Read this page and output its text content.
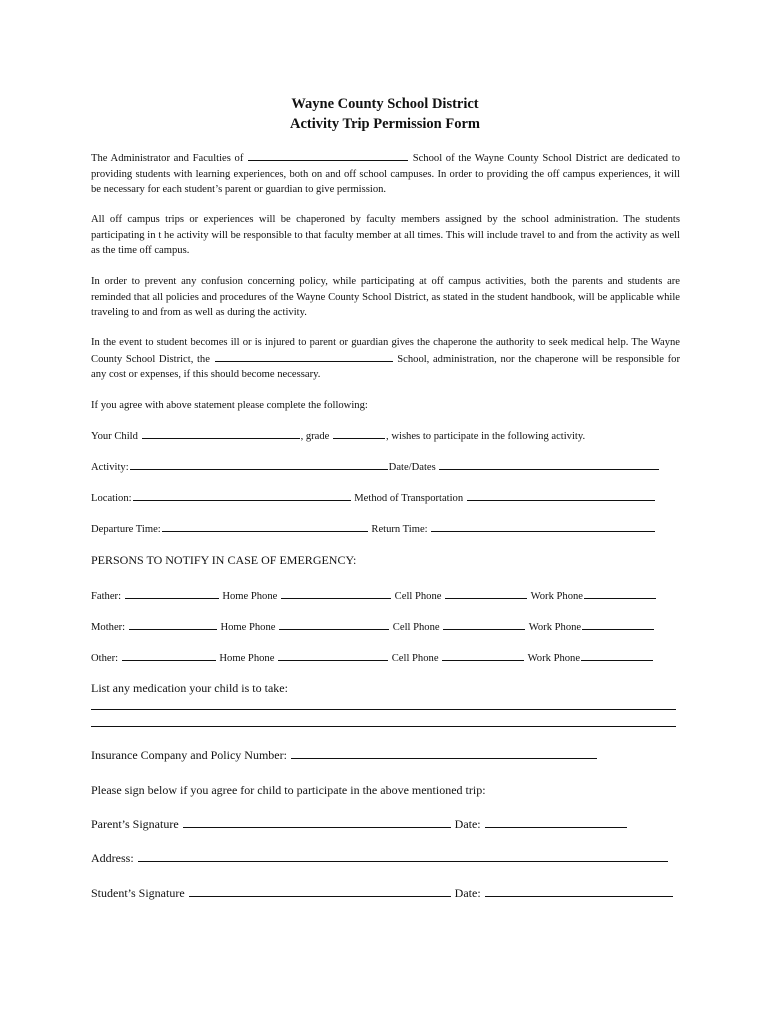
Wayne County School District
Activity Trip Permission Form
The Administrator and Faculties of	School of the Wayne County School District are dedicated to providing students with learning experiences, both on and off school campuses. In order to providing the off campus experiences, it will be necessary for each student’s parent or guardian to give permission.
All off campus trips or experiences will be chaperoned by faculty members assigned by the school administration. The students participating in t he activity will be responsible to that faculty member at all times. This will include travel to and from the activity as well as the time off campus.
In order to prevent any confusion concerning policy, while participating at off campus activities, both the parents and students are reminded that all policies and procedures of the Wayne County School District, as stated in the student handbook, will be applicable while traveling to and from as well as during the activity.
In the event to student becomes ill or is injured to parent or guardian gives the chaperone the authority to seek medical help. The Wayne County School District, the	School, administration, nor the chaperone will be responsible for any cost or expenses, if this should become necessary.
If you agree with above statement please complete the following:
Your Child	, grade	, wishes to participate in the following activity.
Activity:	Date/Dates
Location:	Method of Transportation
Departure Time:	Return Time:
PERSONS TO NOTIFY IN CASE OF EMERGENCY:
Father:	Home Phone	Cell Phone	Work Phone
Mother:	Home Phone	Cell Phone	Work Phone
Other:	Home Phone	Cell Phone	Work Phone
List any medication your child is to take:
Insurance Company and Policy Number:
Please sign below if you agree for child to participate in the above mentioned trip:
Parent’s Signature	Date:
Address:
Student’s Signature	Date:
